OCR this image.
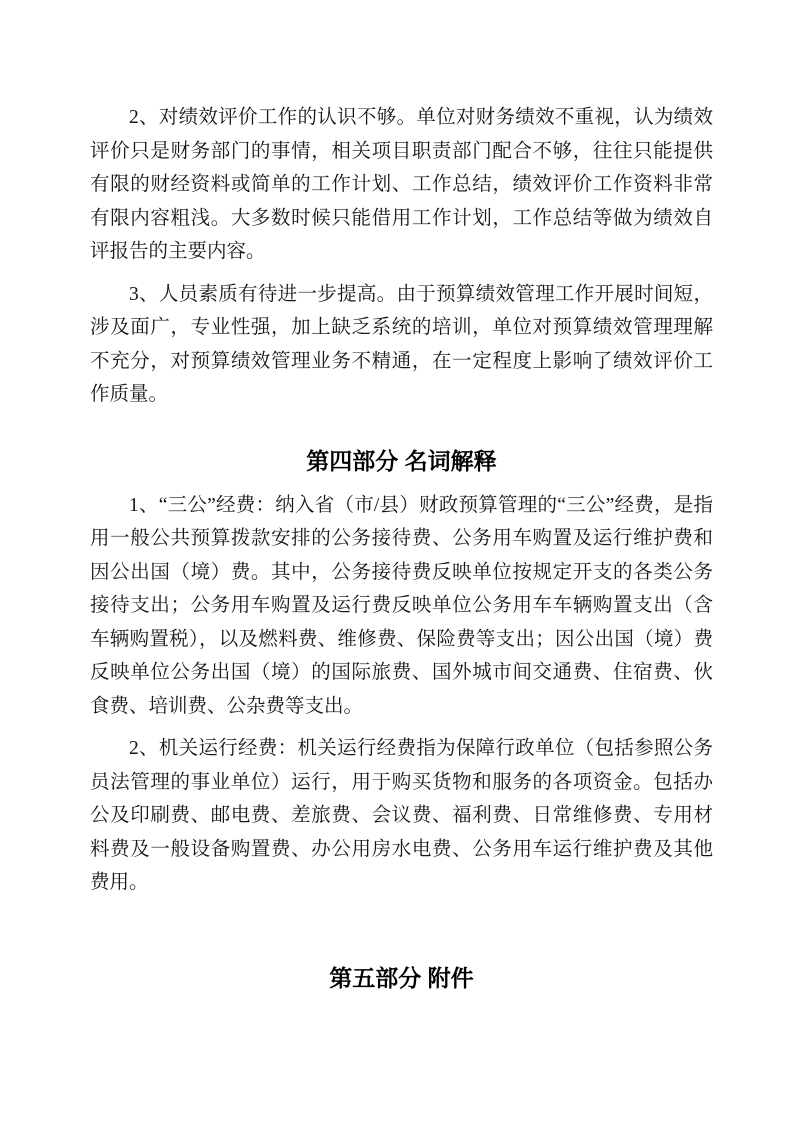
2、对绩效评价工作的认识不够。单位对财务绩效不重视，认为绩效评价只是财务部门的事情，相关项目职责部门配合不够，往往只能提供有限的财经资料或简单的工作计划、工作总结，绩效评价工作资料非常有限内容粗浅。大多数时候只能借用工作计划，工作总结等做为绩效自评报告的主要内容。

3、人员素质有待进一步提高。由于预算绩效管理工作开展时间短，涉及面广，专业性强，加上缺乏系统的培训，单位对预算绩效管理理解不充分，对预算绩效管理业务不精通，在一定程度上影响了绩效评价工作质量。

第四部分 名词解释

1、“三公”经费：纳入省（市/县）财政预算管理的“三公”经费，是指用一般公共预算拨款安排的公务接待费、公务用车购置及运行维护费和因公出国（境）费。其中，公务接待费反映单位按规定开支的各类公务接待支出；公务用车购置及运行费反映单位公务用车车辆购置支出（含车辆购置税），以及燃料费、维修费、保险费等支出；因公出国（境）费反映单位公务出国（境）的国际旅费、国外城市间交通费、住宿费、伙食费、培训费、公杂费等支出。

2、机关运行经费：机关运行经费指为保障行政单位（包括参照公务员法管理的事业单位）运行，用于购买货物和服务的各项资金。包括办公及印刷费、邮电费、差旅费、会议费、福利费、日常维修费、专用材料费及一般设备购置费、办公用房水电费、公务用车运行维护费及其他费用。

第五部分 附件
